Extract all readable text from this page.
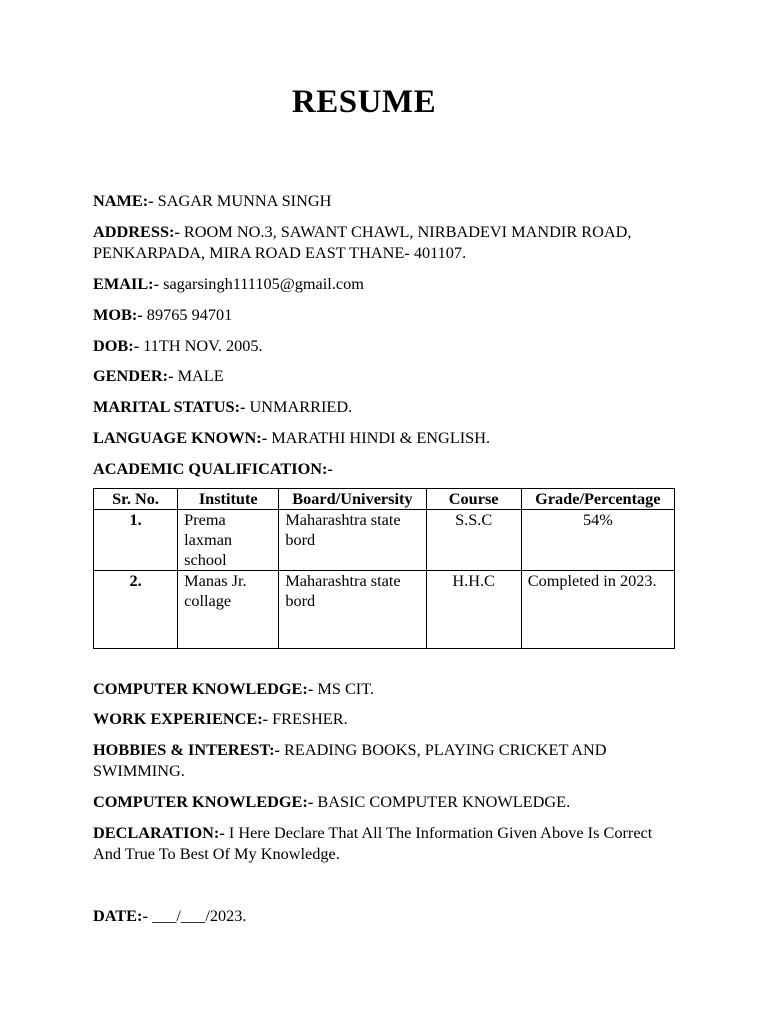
RESUME
NAME:- SAGAR MUNNA SINGH
ADDRESS:- ROOM NO.3, SAWANT CHAWL, NIRBADEVI MANDIR ROAD, PENKARPADA, MIRA ROAD EAST THANE- 401107.
EMAIL:- sagarsingh111105@gmail.com
MOB:- 89765 94701
DOB:- 11TH NOV. 2005.
GENDER:- MALE
MARITAL STATUS:- UNMARRIED.
LANGUAGE KNOWN:- MARATHI HINDI & ENGLISH.
ACADEMIC QUALIFICATION:-
Sr. No.	Institute	Board/University	Course	Grade/Percentage
1.	Prema laxman school	Maharashtra state bord	S.S.C	54%
2.	Manas Jr. collage	Maharashtra state bord	H.H.C	Completed in 2023.
COMPUTER KNOWLEDGE:- MS CIT.
WORK EXPERIENCE:- FRESHER.
HOBBIES & INTEREST:- READING BOOKS, PLAYING CRICKET AND SWIMMING.
COMPUTER KNOWLEDGE:- BASIC COMPUTER KNOWLEDGE.
DECLARATION:- I Here Declare That All The Information Given Above Is Correct And True To Best Of My Knowledge.
DATE:- ___/___/2023.
